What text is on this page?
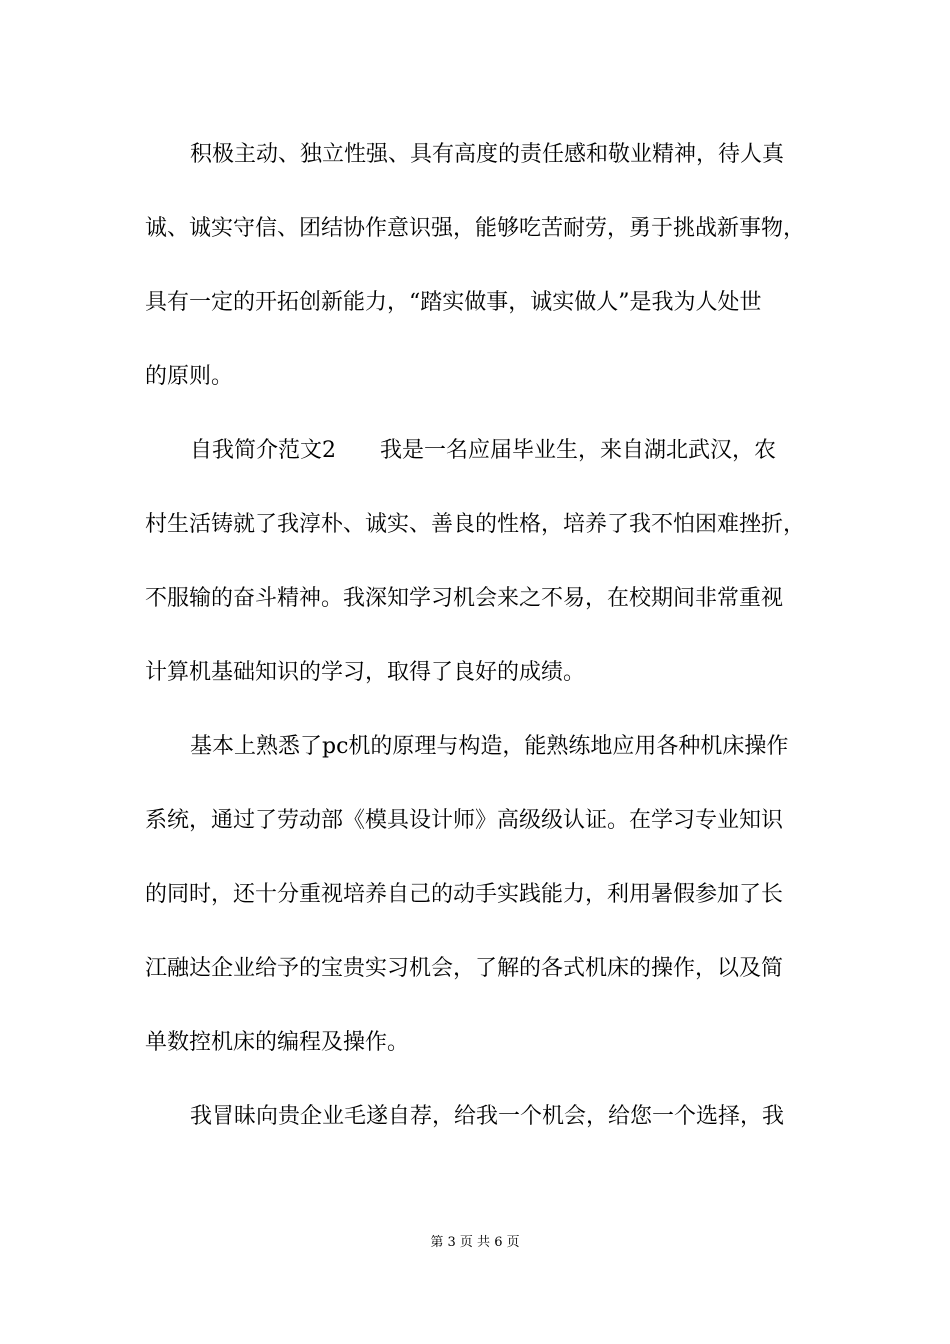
积极主动、独立性强、具有高度的责任感和敬业精神，待人真
诚、诚实守信、团结协作意识强，能够吃苦耐劳，勇于挑战新事物，
具有一定的开拓创新能力，“踏实做事，诚实做人”是我为人处世
的原则。
自我简介范文2　　我是一名应届毕业生，来自湖北武汉，农
村生活铸就了我淳朴、诚实、善良的性格，培养了我不怕困难挫折，
不服输的奋斗精神。我深知学习机会来之不易，在校期间非常重视
计算机基础知识的学习，取得了良好的成绩。
基本上熟悉了pc机的原理与构造，能熟练地应用各种机床操作
系统，通过了劳动部《模具设计师》高级级认证。在学习专业知识
的同时，还十分重视培养自己的动手实践能力，利用暑假参加了长
江融达企业给予的宝贵实习机会，了解的各式机床的操作，以及简
单数控机床的编程及操作。
我冒昧向贵企业毛遂自荐，给我一个机会，给您一个选择，我
第 3 页 共 6 页
